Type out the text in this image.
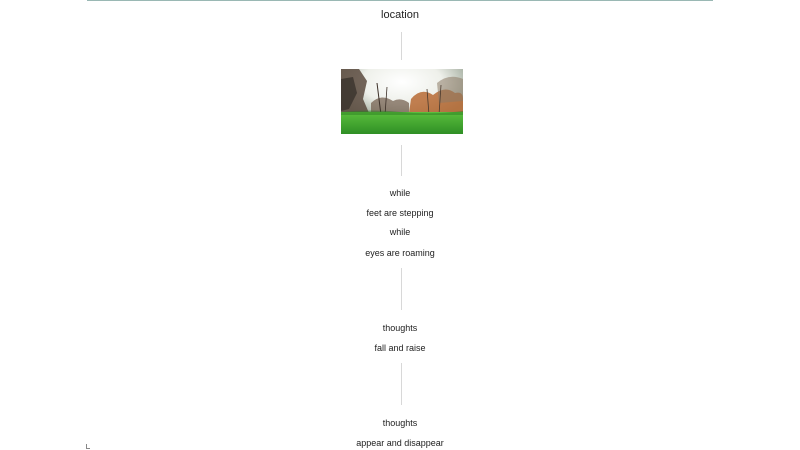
location
while
feet are stepping
while
eyes are roaming
thoughts
fall and raise
thoughts
appear and disappear
